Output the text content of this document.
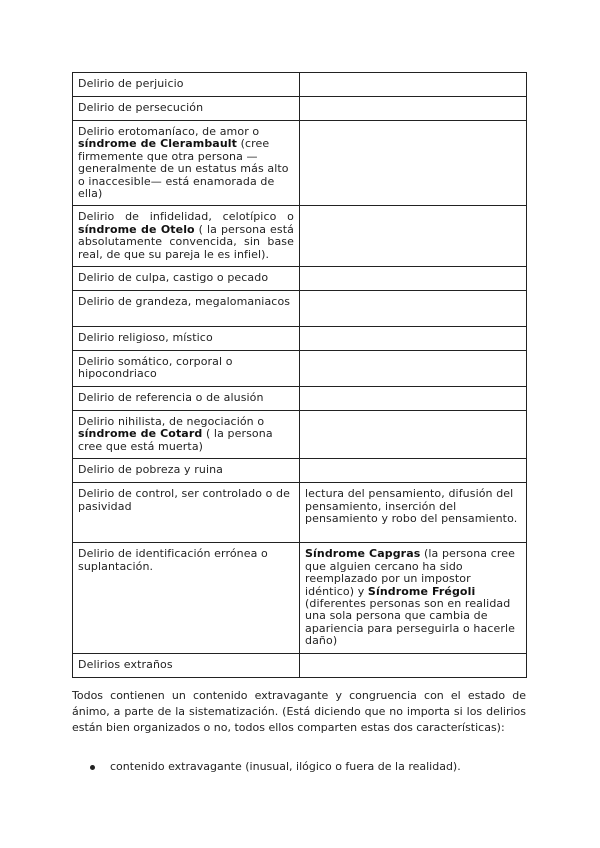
Delirio de perjuicio	
Delirio de persecución	
Delirio erotomaníaco, de amor o síndrome de Clerambault (cree firmemente que otra persona —generalmente de un estatus más alto o inaccesible— está enamorada de ella)	
Delirio de infidelidad, celotípico o síndrome de Otelo ( la persona está absolutamente convencida, sin base real, de que su pareja le es infiel).	
Delirio de culpa, castigo o pecado	
Delirio de grandeza, megalomaniacos	
Delirio religioso, místico	
Delirio somático, corporal o hipocondriaco	
Delirio de referencia o de alusión	
Delirio nihilista, de negociación o síndrome de Cotard ( la persona cree que está muerta)	
Delirio de pobreza y ruina	
Delirio de control, ser controlado o de pasividad	lectura del pensamiento, difusión del pensamiento, inserción del pensamiento y robo del pensamiento.
Delirio de identificación errónea o suplantación.	Síndrome Capgras (la persona cree que alguien cercano ha sido reemplazado por un impostor idéntico) y Síndrome Frégoli (diferentes personas son en realidad una sola persona que cambia de apariencia para perseguirla o hacerle daño)
Delirios extraños	

Todos contienen un contenido extravagante y congruencia con el estado de ánimo, a parte de la sistematización. (Está diciendo que no importa si los delirios están bien organizados o no, todos ellos comparten estas dos características):

contenido extravagante (inusual, ilógico o fuera de la realidad).
